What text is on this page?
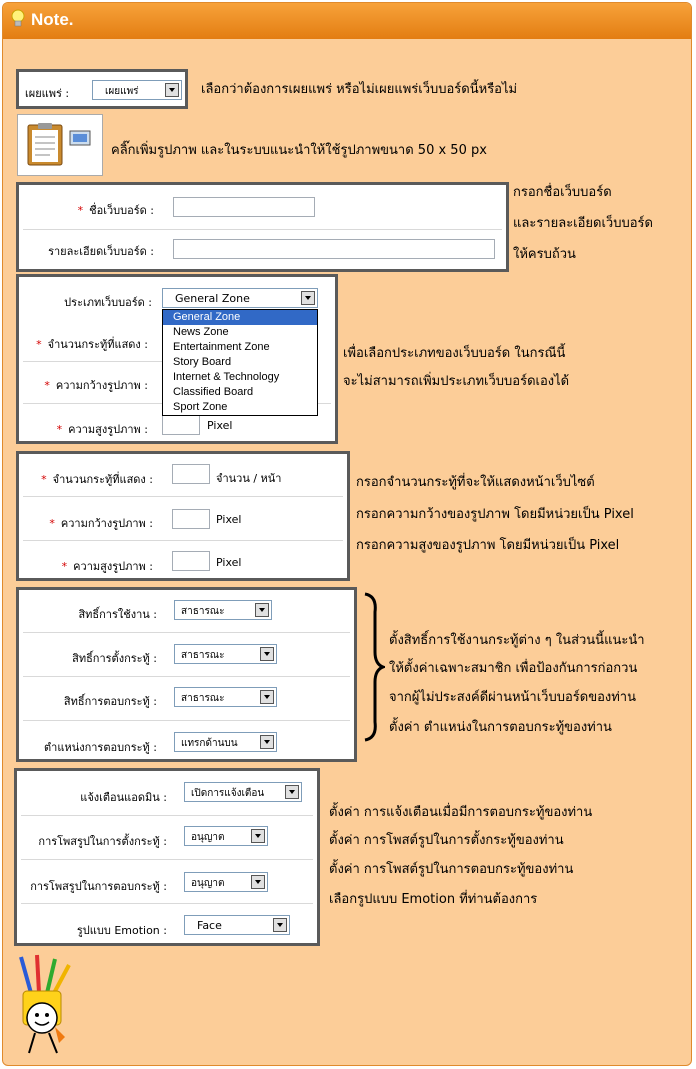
Note.
เผยแพร่ :	เผยแพร่	เลือกว่าต้องการเผยแพร่ หรือไม่เผยแพร่เว็บบอร์ดนี้หรือไม่
คลิ๊กเพิ่มรูปภาพ และในระบบแนะนำให้ใช้รูปภาพขนาด 50 x 50 px
* ชื่อเว็บบอร์ด :
รายละเอียดเว็บบอร์ด :
กรอกชื่อเว็บบอร์ด
และรายละเอียดเว็บบอร์ด
ให้ครบถ้วน
ประเภทเว็บบอร์ด : General Zone
* จำนวนกระทู้ที่แสดง :
* ความกว้างรูปภาพ :
* ความสูงรูปภาพ :	Pixel
General Zone
News Zone
Entertainment Zone
Story Board
Internet & Technology
Classified Board
Sport Zone
เพื่อเลือกประเภทของเว็บบอร์ด ในกรณีนี้
จะไม่สามารถเพิ่มประเภทเว็บบอร์ดเองได้
* จำนวนกระทู้ที่แสดง :	จำนวน / หน้า
* ความกว้างรูปภาพ :	Pixel
* ความสูงรูปภาพ :	Pixel
กรอกจำนวนกระทู้ที่จะให้แสดงหน้าเว็บไซต์
กรอกความกว้างของรูปภาพ โดยมีหน่วยเป็น Pixel
กรอกความสูงของรูปภาพ โดยมีหน่วยเป็น Pixel
สิทธิ์การใช้งาน : สาธารณะ
สิทธิ์การตั้งกระทู้ : สาธารณะ
สิทธิ์การตอบกระทู้ : สาธารณะ
ตำแหน่งการตอบกระทู้ : แทรกด้านบน
ตั้งสิทธิ์การใช้งานกระทู้ต่าง ๆ ในส่วนนี้แนะนำ
ให้ตั้งค่าเฉพาะสมาชิก เพื่อป้องกันการก่อกวน
จากผู้ไม่ประสงค์ดีผ่านหน้าเว็บบอร์ดของท่าน
ตั้งค่า ตำแหน่งในการตอบกระทู้ของท่าน
แจ้งเตือนแอดมิน : เปิดการแจ้งเตือน
การโพสรูปในการตั้งกระทู้ : อนุญาต
การโพสรูปในการตอบกระทู้ : อนุญาต
รูปแบบ Emotion :	Face
ตั้งค่า การแจ้งเตือนเมื่อมีการตอบกระทู้ของท่าน
ตั้งค่า การโพสต์รูปในการตั้งกระทู้ของท่าน
ตั้งค่า การโพสต์รูปในการตอบกระทู้ของท่าน
เลือกรูปแบบ Emotion ที่ท่านต้องการ
